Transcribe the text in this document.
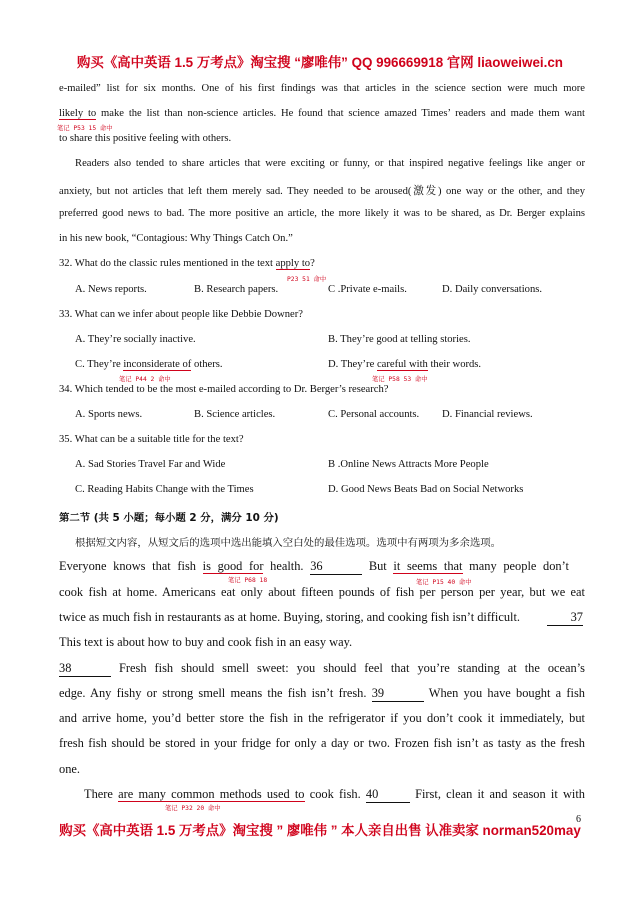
购买《高中英语 1.5 万考点》淘宝搜 “廖唯伟” QQ 996669918 官网 liaoweiwei.cn
e-mailed” list for six months. One of his first findings was that articles in the science section were much more
likely to make the list than non-science articles. He found that science amazed Times’ readers and made them want
笔记 P53 15 命中
to share this positive feeling with others.
Readers also tended to share articles that were exciting or funny, or that inspired negative feelings like anger or
anxiety, but not articles that left them merely sad. They needed to be aroused(激发) one way or the other, and they
preferred good news to bad. The more positive an article, the more likely it was to be shared, as Dr. Berger explains
in his new book, “Contagious: Why Things Catch On.”
32. What do the classic rules mentioned in the text apply to?
P23 51 命中
A. News reports.	B. Research papers.	C .Private e-mails.	D. Daily conversations.
33. What can we infer about people like Debbie Downer?
A. They’re socially inactive.	B. They’re good at telling stories.
C. They’re inconsiderate of others.	D. They’re careful with their words.
笔记 P44 2 命中	笔记 P58 53 命中
34. Which tended to be the most e-mailed according to Dr. Berger’s research?
A. Sports news.	B. Science articles.	C. Personal accounts. D. Financial reviews.
35. What can be a suitable title for the text?
A. Sad Stories Travel Far and Wide	B .Online News Attracts More People
C. Reading Habits Change with the Times	D. Good News Beats Bad on Social Networks
第二节 (共 5 小题；每小题 2 分，满分 10 分)
根据短文内容，从短文后的选项中选出能填入空白处的最佳选项。选项中有两项为多余选项。
Everyone knows that fish is good for health. 36	But it seems that many people don’t
笔记 P68 18	笔记 P15 40 命中
cook fish at home. Americans eat only about fifteen pounds of fish per person per year, but we eat
twice as much fish in restaurants as at home. Buying, storing, and cooking fish isn’t difficult.	37
This text is about how to buy and cook fish in an easy way.
38	Fresh fish should smell sweet: you should feel that you’re standing at the ocean’s
edge. Any fishy or strong smell means the fish isn’t fresh. 39	When you have bought a fish
and arrive home, you’d better store the fish in the refrigerator if you don’t cook it immediately, but
fresh fish should be stored in your fridge for only a day or two. Frozen fish isn’t as tasty as the fresh
one.
There are many common methods used to cook fish. 40	First, clean it and season it with
笔记 P32 20 命中
6
购买《高中英语 1.5 万考点》淘宝搜 ” 廖唯伟 ” 本人亲自出售 认准卖家 norman520may
